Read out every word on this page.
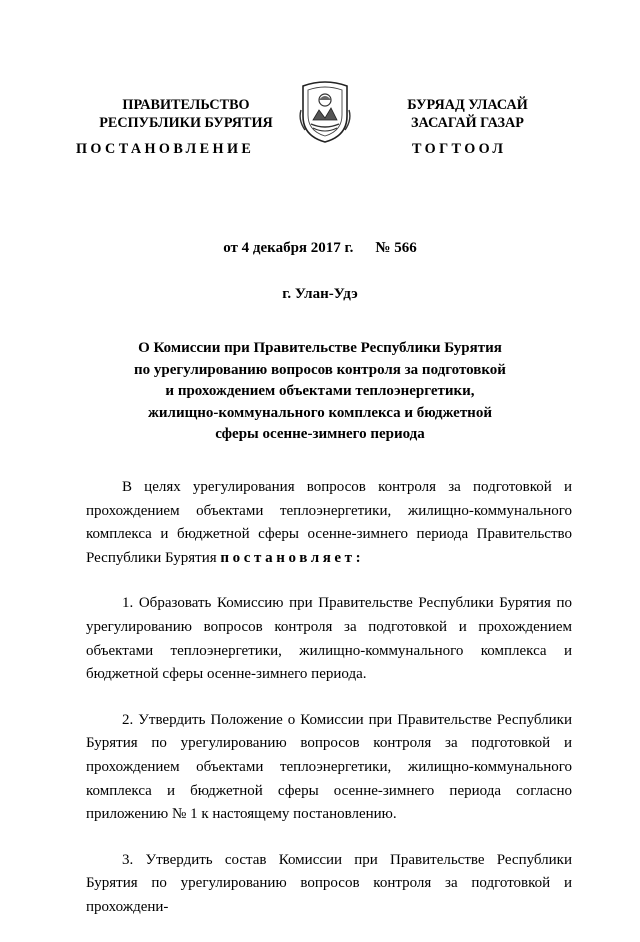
ПРАВИТЕЛЬСТВО
РЕСПУБЛИКИ БУРЯТИЯ
ПОСТАНОВЛЕНИЕ
БУРЯАД УЛАСАЙ
ЗАСАГАЙ ГАЗАР
ТОГТООЛ
от 4 декабря 2017 г. № 566
г. Улан-Удэ
О Комиссии при Правительстве Республики Бурятия
по урегулированию вопросов контроля за подготовкой
и прохождением объектами теплоэнергетики,
жилищно-коммунального комплекса и бюджетной
сферы осенне-зимнего периода

В целях урегулирования вопросов контроля за подготовкой и прохождением объектами теплоэнергетики, жилищно-коммунального комплекса и бюджетной сферы осенне-зимнего периода Правительство Республики Бурятия постановляет:

1. Образовать Комиссию при Правительстве Республики Бурятия по урегулированию вопросов контроля за подготовкой и прохождением объектами теплоэнергетики, жилищно-коммунального комплекса и бюджетной сферы осенне-зимнего периода.

2. Утвердить Положение о Комиссии при Правительстве Республики Бурятия по урегулированию вопросов контроля за подготовкой и прохождением объектами теплоэнергетики, жилищно-коммунального комплекса и бюджетной сферы осенне-зимнего периода согласно приложению № 1 к настоящему постановлению.

3. Утвердить состав Комиссии при Правительстве Республики Бурятия по урегулированию вопросов контроля за подготовкой и прохождени-
